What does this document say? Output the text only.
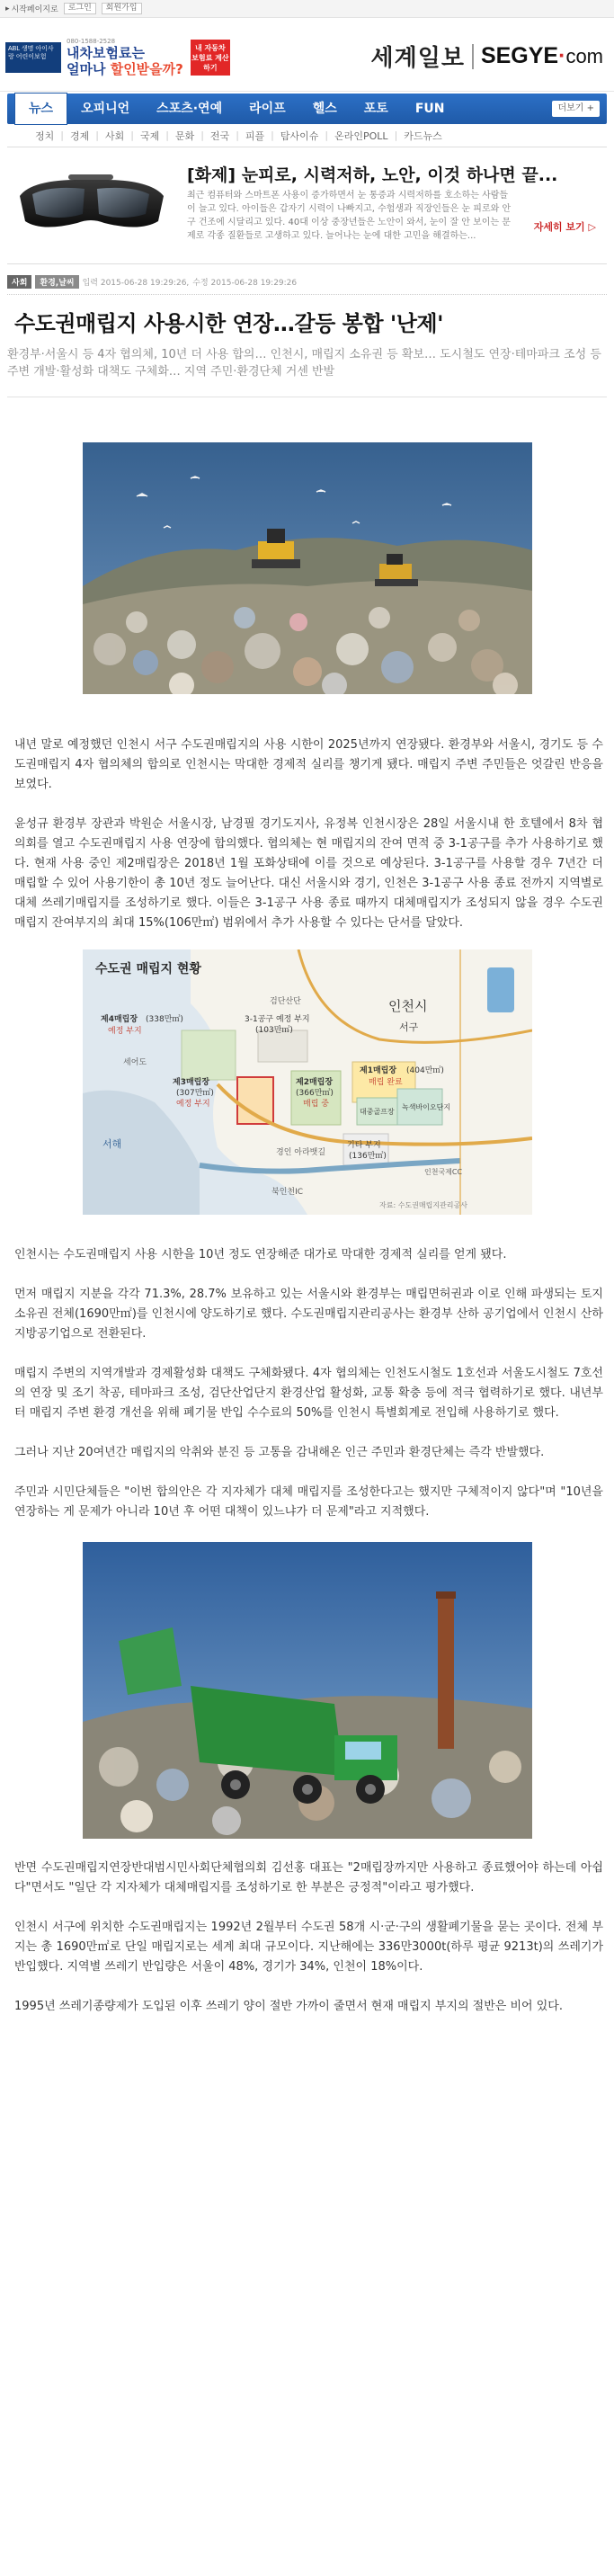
▸ 시작페이지로	로그인	회원가입
ABL 생명 아이사랑 어린이보험
080-1588-2528
내차보험료는
얼마나 할인받을까?
내 자동차 보험료 계산하기	세계일보 SEGYE·com
뉴스	오피니언	스포츠·연예	라이프	헬스	포토	FUN	더보기 +
정치 | 경제 | 사회 | 국제 | 문화 | 전국 | 피플 | 탐사이슈 | 온라인POLL | 카드뉴스
[화제] 눈피로, 시력저하, 노안, 이것 하나면 끝...
최근 컴퓨터와 스마트폰 사용이 증가하면서 눈 통증과 시력저하를 호소하는 사람들이 늘고 있다. 아이들은 갑자기 시력이 나빠지고, 수험생과 직장인들은 눈 피로와 안구 건조에 시달리고 있다. 40대 이상 중장년들은 노안이 와서, 눈이 잘 안 보이는 문제로 각종 질환들로 고생하고 있다. 늘어나는 눈에 대한 고민을 해결하는...
자세히 보기 ▷
사회	환경,날씨	입력 2015-06-28 19:29:26, 수정 2015-06-28 19:29:26
수도권매립지 사용시한 연장…갈등 봉합 '난제'
환경부·서울시 등 4자 협의체, 10년 더 사용 합의… 인천시, 매립지 소유권 등 확보… 도시철도 연장·테마파크 조성 등 주변 개발·활성화 대책도 구체화… 지역 주민·환경단체 거센 반발

내년 말로 예정했던 인천시 서구 수도권매립지의 사용 시한이 2025년까지 연장됐다. 환경부와 서울시, 경기도 등 수도권매립지 4자 협의체의 합의로 인천시는 막대한 경제적 실리를 챙기게 됐다. 매립지 주변 주민들은 엇갈린 반응을 보였다.

윤성규 환경부 장관과 박원순 서울시장, 남경필 경기도지사, 유정복 인천시장은 28일 서울시내 한 호텔에서 8차 협의회를 열고 수도권매립지 사용 연장에 합의했다. 협의체는 현 매립지의 잔여 면적 중 3-1공구를 추가 사용하기로 했다. 현재 사용 중인 제2매립장은 2018년 1월 포화상태에 이를 것으로 예상된다. 3-1공구를 사용할 경우 7년간 더 매립할 수 있어 사용기한이 총 10년 정도 늘어난다. 대신 서울시와 경기, 인천은 3-1공구 사용 종료 전까지 지역별로 대체 쓰레기매립지를 조성하기로 했다. 이들은 3-1공구 사용 종료 때까지 대체매립지가 조성되지 않을 경우 수도권매립지 잔여부지의 최대 15%(106만㎡) 범위에서 추가 사용할 수 있다는 단서를 달았다.

수도권 매립지 현황
인천시
서구
서해
세어도
검단산단
북인천IC
경인 아라뱃길
인천국제CC
자료: 수도권매립지관리공사
제4매립장 (338만㎡)
예정 부지
3-1공구 예정 부지
(103만㎡)
제3매립장
(307만㎡)
예정 부지
제2매립장
(366만㎡)
매립 중
제1매립장 (404만㎡)
매립 완료
대중골프장
녹색바이오단지
기타 부지
(136만㎡)

인천시는 수도권매립지 사용 시한을 10년 정도 연장해준 대가로 막대한 경제적 실리를 얻게 됐다.

먼저 매립지 지분을 각각 71.3%, 28.7% 보유하고 있는 서울시와 환경부는 매립면허권과 이로 인해 파생되는 토지 소유권 전체(1690만㎡)를 인천시에 양도하기로 했다. 수도권매립지관리공사는 환경부 산하 공기업에서 인천시 산하 지방공기업으로 전환된다.

매립지 주변의 지역개발과 경제활성화 대책도 구체화됐다. 4자 협의체는 인천도시철도 1호선과 서울도시철도 7호선의 연장 및 조기 착공, 테마파크 조성, 검단산업단지 환경산업 활성화, 교통 확충 등에 적극 협력하기로 했다. 내년부터 매립지 주변 환경 개선을 위해 폐기물 반입 수수료의 50%를 인천시 특별회계로 전입해 사용하기로 했다.

그러나 지난 20여년간 매립지의 악취와 분진 등 고통을 감내해온 인근 주민과 환경단체는 즉각 반발했다.

주민과 시민단체들은 "이번 합의안은 각 지자체가 대체 매립지를 조성한다고는 했지만 구체적이지 않다"며 "10년을 연장하는 게 문제가 아니라 10년 후 어떤 대책이 있느냐가 더 문제"라고 지적했다.

반면 수도권매립지연장반대범시민사회단체협의회 김선홍 대표는 "2매립장까지만 사용하고 종료했어야 하는데 아쉽다"면서도 "일단 각 지자체가 대체매립지를 조성하기로 한 부분은 긍정적"이라고 평가했다.

인천시 서구에 위치한 수도권매립지는 1992년 2월부터 수도권 58개 시·군·구의 생활폐기물을 묻는 곳이다. 전체 부지는 총 1690만㎡로 단일 매립지로는 세계 최대 규모이다. 지난해에는 336만3000t(하루 평균 9213t)의 쓰레기가 반입했다. 지역별 쓰레기 반입량은 서울이 48%, 경기가 34%, 인천이 18%이다.

1995년 쓰레기종량제가 도입된 이후 쓰레기 양이 절반 가까이 줄면서 현재 매립지 부지의 절반은 비어 있다.
